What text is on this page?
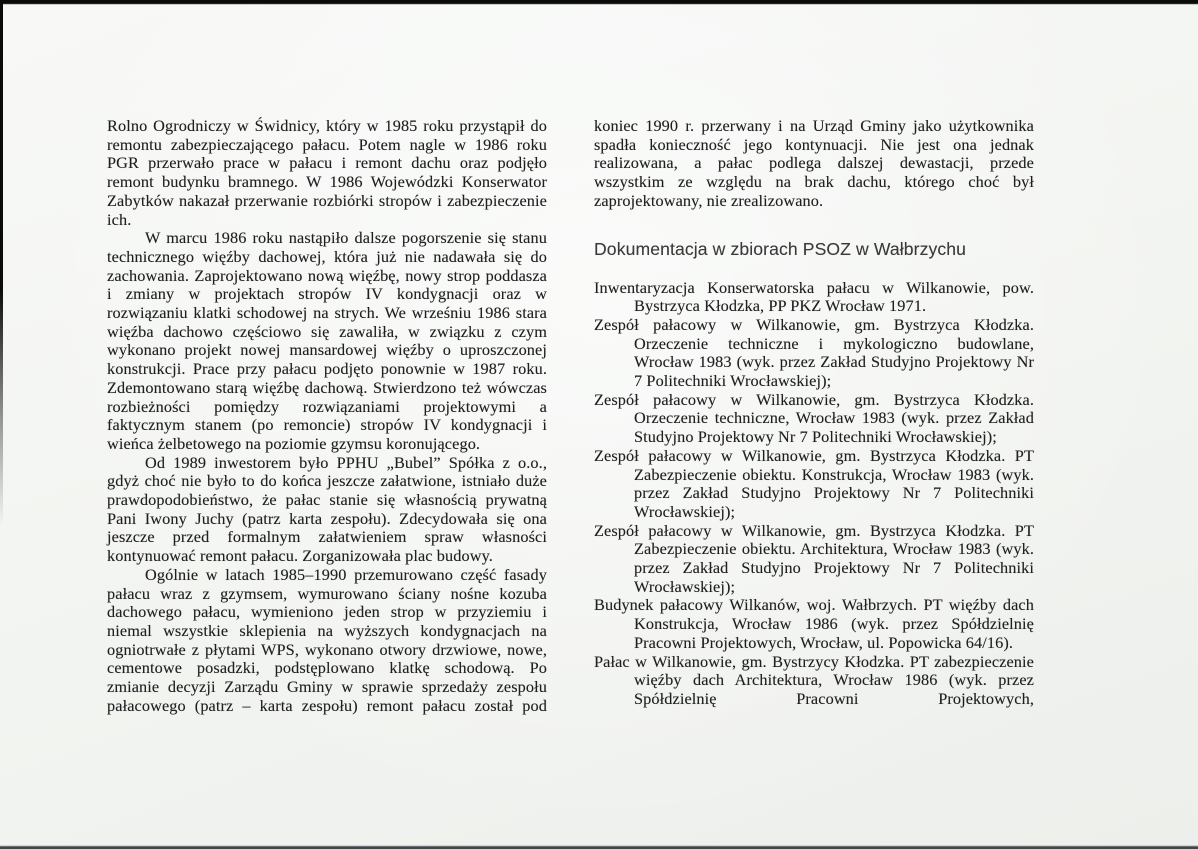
Rolno Ogrodniczy w Świdnicy, który w 1985 roku przystąpił do remontu zabezpieczającego pałacu. Potem nagle w 1986 roku PGR przerwało prace w pałacu i remont dachu oraz podjęło remont budynku bramnego. W 1986 Wojewódzki Konserwator Zabytków nakazał przerwanie rozbiórki stropów i zabezpieczenie ich.

W marcu 1986 roku nastąpiło dalsze pogorszenie się stanu technicznego więźby dachowej, która już nie nadawała się do zachowania. Zaprojektowano nową więźbę, nowy strop poddasza i zmiany w projektach stropów IV kondygnacji oraz w rozwiązaniu klatki schodowej na strych. We wrześniu 1986 stara więźba dachowo częściowo się zawaliła, w związku z czym wykonano projekt nowej mansardowej więźby o uproszczonej konstrukcji. Prace przy pałacu podjęto ponownie w 1987 roku. Zdemontowano starą więźbę dachową. Stwierdzono też wówczas rozbieżności pomiędzy rozwiązaniami projektowymi a faktycznym stanem (po remoncie) stropów IV kondygnacji i wieńca żelbetowego na poziomie gzymsu koronującego.

Od 1989 inwestorem było PPHU „Bubel” Spółka z o.o., gdyż choć nie było to do końca jeszcze załatwione, istniało duże prawdopodobieństwo, że pałac stanie się własnością prywatną Pani Iwony Juchy (patrz karta zespołu). Zdecydowała się ona jeszcze przed formalnym załatwieniem spraw własności kontynuować remont pałacu. Zorganizowała plac budowy.

Ogólnie w latach 1985–1990 przemurowano część fasady pałacu wraz z gzymsem, wymurowano ściany nośne kozuba dachowego pałacu, wymieniono jeden strop w przyziemiu i niemal wszystkie sklepienia na wyższych kondygnacjach na ogniotrwałe z płytami WPS, wykonano otwory drzwiowe, nowe, cementowe posadzki, podstęplowano klatkę schodową. Po zmianie decyzji Zarządu Gminy w sprawie sprzedaży zespołu pałacowego (patrz – karta zespołu) remont pałacu został pod

koniec 1990 r. przerwany i na Urząd Gminy jako użytkownika spadła konieczność jego kontynuacji. Nie jest ona jednak realizowana, a pałac podlega dalszej dewastacji, przede wszystkim ze względu na brak dachu, którego choć był zaprojektowany, nie zrealizowano.

Dokumentacja w zbiorach PSOZ w Wałbrzychu
Inwentaryzacja Konserwatorska pałacu w Wilkanowie, pow. Bystrzyca Kłodzka, PP PKZ Wrocław 1971.
Zespół pałacowy w Wilkanowie, gm. Bystrzyca Kłodzka. Orzeczenie techniczne i mykologiczno budowlane, Wrocław 1983 (wyk. przez Zakład Studyjno Projektowy Nr 7 Politechniki Wrocławskiej);
Zespół pałacowy w Wilkanowie, gm. Bystrzyca Kłodzka. Orzeczenie techniczne, Wrocław 1983 (wyk. przez Zakład Studyjno Projektowy Nr 7 Politechniki Wrocławskiej);
Zespół pałacowy w Wilkanowie, gm. Bystrzyca Kłodzka. PT Zabezpieczenie obiektu. Konstrukcja, Wrocław 1983 (wyk. przez Zakład Studyjno Projektowy Nr 7 Politechniki Wrocławskiej);
Zespół pałacowy w Wilkanowie, gm. Bystrzyca Kłodzka. PT Zabezpieczenie obiektu. Architektura, Wrocław 1983 (wyk. przez Zakład Studyjno Projektowy Nr 7 Politechniki Wrocławskiej);
Budynek pałacowy Wilkanów, woj. Wałbrzych. PT więźby dach Konstrukcja, Wrocław 1986 (wyk. przez Spółdzielnię Pracowni Projektowych, Wrocław, ul. Popowicka 64/16).
Pałac w Wilkanowie, gm. Bystrzycy Kłodzka. PT zabezpieczenie więźby dach Architektura, Wrocław 1986 (wyk. przez Spółdzielnię Pracowni Projektowych,
